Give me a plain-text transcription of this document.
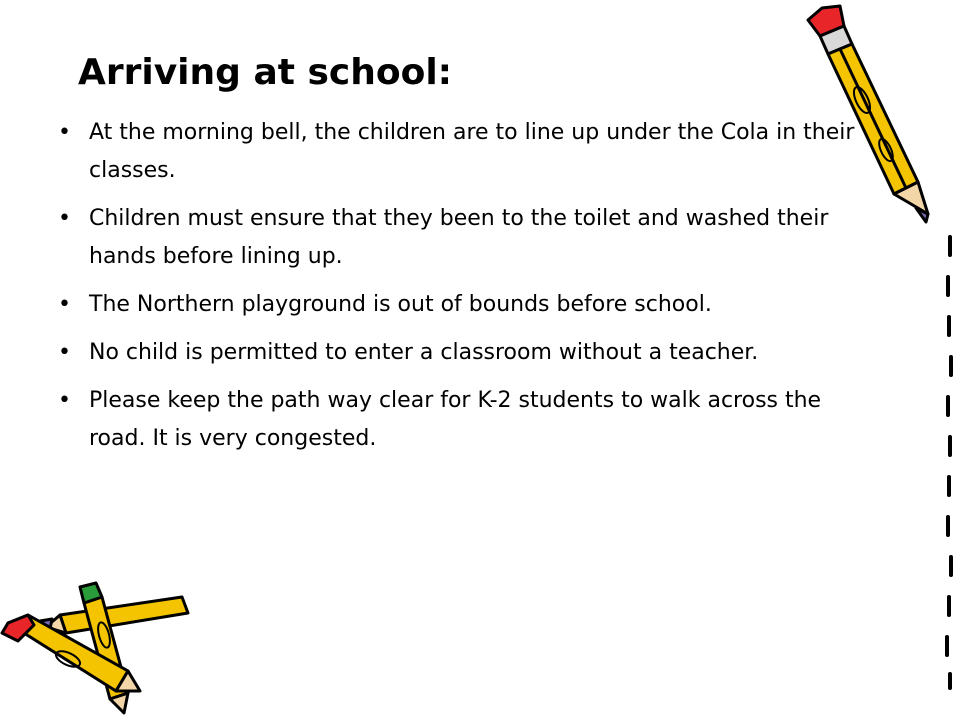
Arriving at school:
• At the morning bell, the children are to line up under the Cola in their classes.
• Children must ensure that they been to the toilet and washed their hands before lining up.
• The Northern playground is out of bounds before school.
• No child is permitted to enter a classroom without a teacher.
• Please keep the path way clear for K-2 students to walk across the road. It is very congested.
